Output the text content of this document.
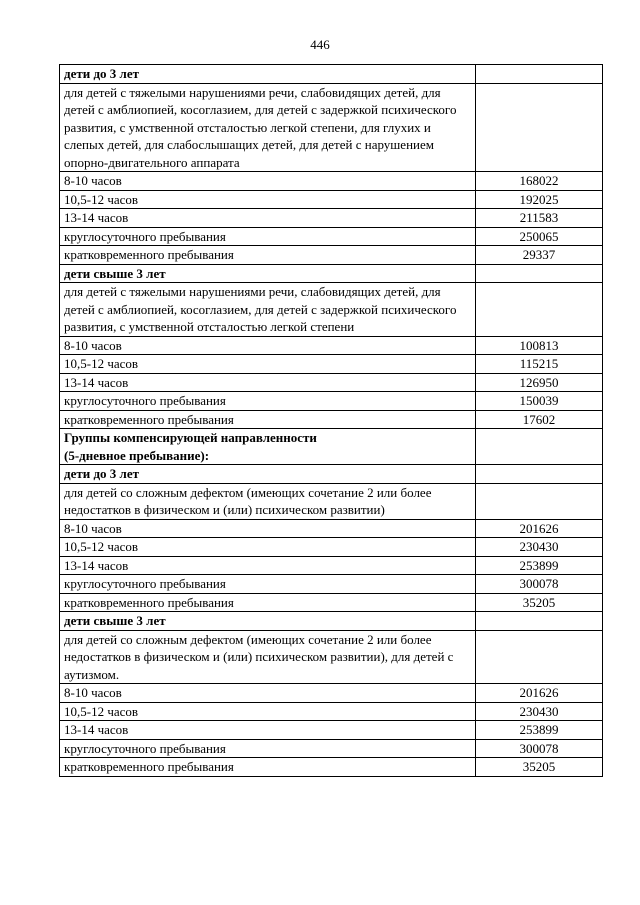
446
дети до 3 лет	
для детей с тяжелыми нарушениями речи, слабовидящих детей, для детей с амблиопией, косоглазием, для детей с задержкой психического развития, с умственной отсталостью легкой степени, для глухих и слепых детей, для слабослышащих детей, для детей с нарушением опорно-двигательного аппарата	
8-10 часов	168022
10,5-12 часов	192025
13-14 часов	211583
круглосуточного пребывания	250065
кратковременного пребывания	29337
дети свыше 3 лет	
для детей с тяжелыми нарушениями речи, слабовидящих детей, для детей с амблиопией, косоглазием, для детей с задержкой психического развития, с умственной отсталостью легкой степени	
8-10 часов	100813
10,5-12 часов	115215
13-14 часов	126950
круглосуточного пребывания	150039
кратковременного пребывания	17602
Группы компенсирующей направленности
(5-дневное пребывание):	
дети до 3 лет	
для детей со сложным дефектом (имеющих сочетание 2 или более недостатков в физическом и (или) психическом развитии)	
8-10 часов	201626
10,5-12 часов	230430
13-14 часов	253899
круглосуточного пребывания	300078
кратковременного пребывания	35205
дети свыше 3 лет	
для детей со сложным дефектом (имеющих сочетание 2 или более недостатков в физическом и (или) психическом развитии), для детей с аутизмом.	
8-10 часов	201626
10,5-12 часов	230430
13-14 часов	253899
круглосуточного пребывания	300078
кратковременного пребывания	35205
